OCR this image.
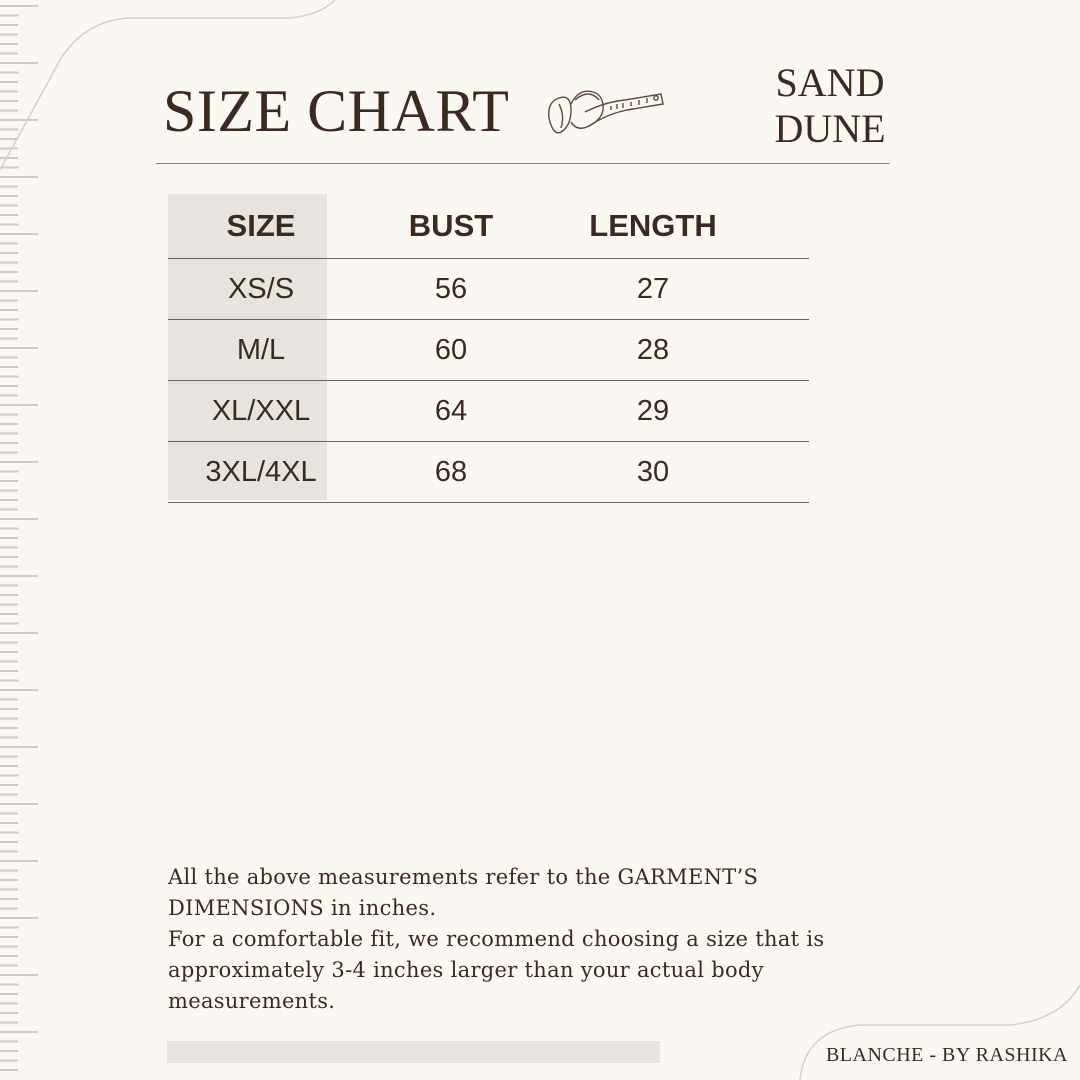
SIZE CHART	SAND
DUNE
SIZE	BUST	LENGTH
XS/S	56	27
M/L	60	28
XL/XXL	64	29
3XL/4XL	68	30

All the above measurements refer to the GARMENT’S DIMENSIONS in inches.

For a comfortable fit, we recommend choosing a size that is approximately 3-4 inches larger than your actual body measurements.

BLANCHE - BY RASHIKA
